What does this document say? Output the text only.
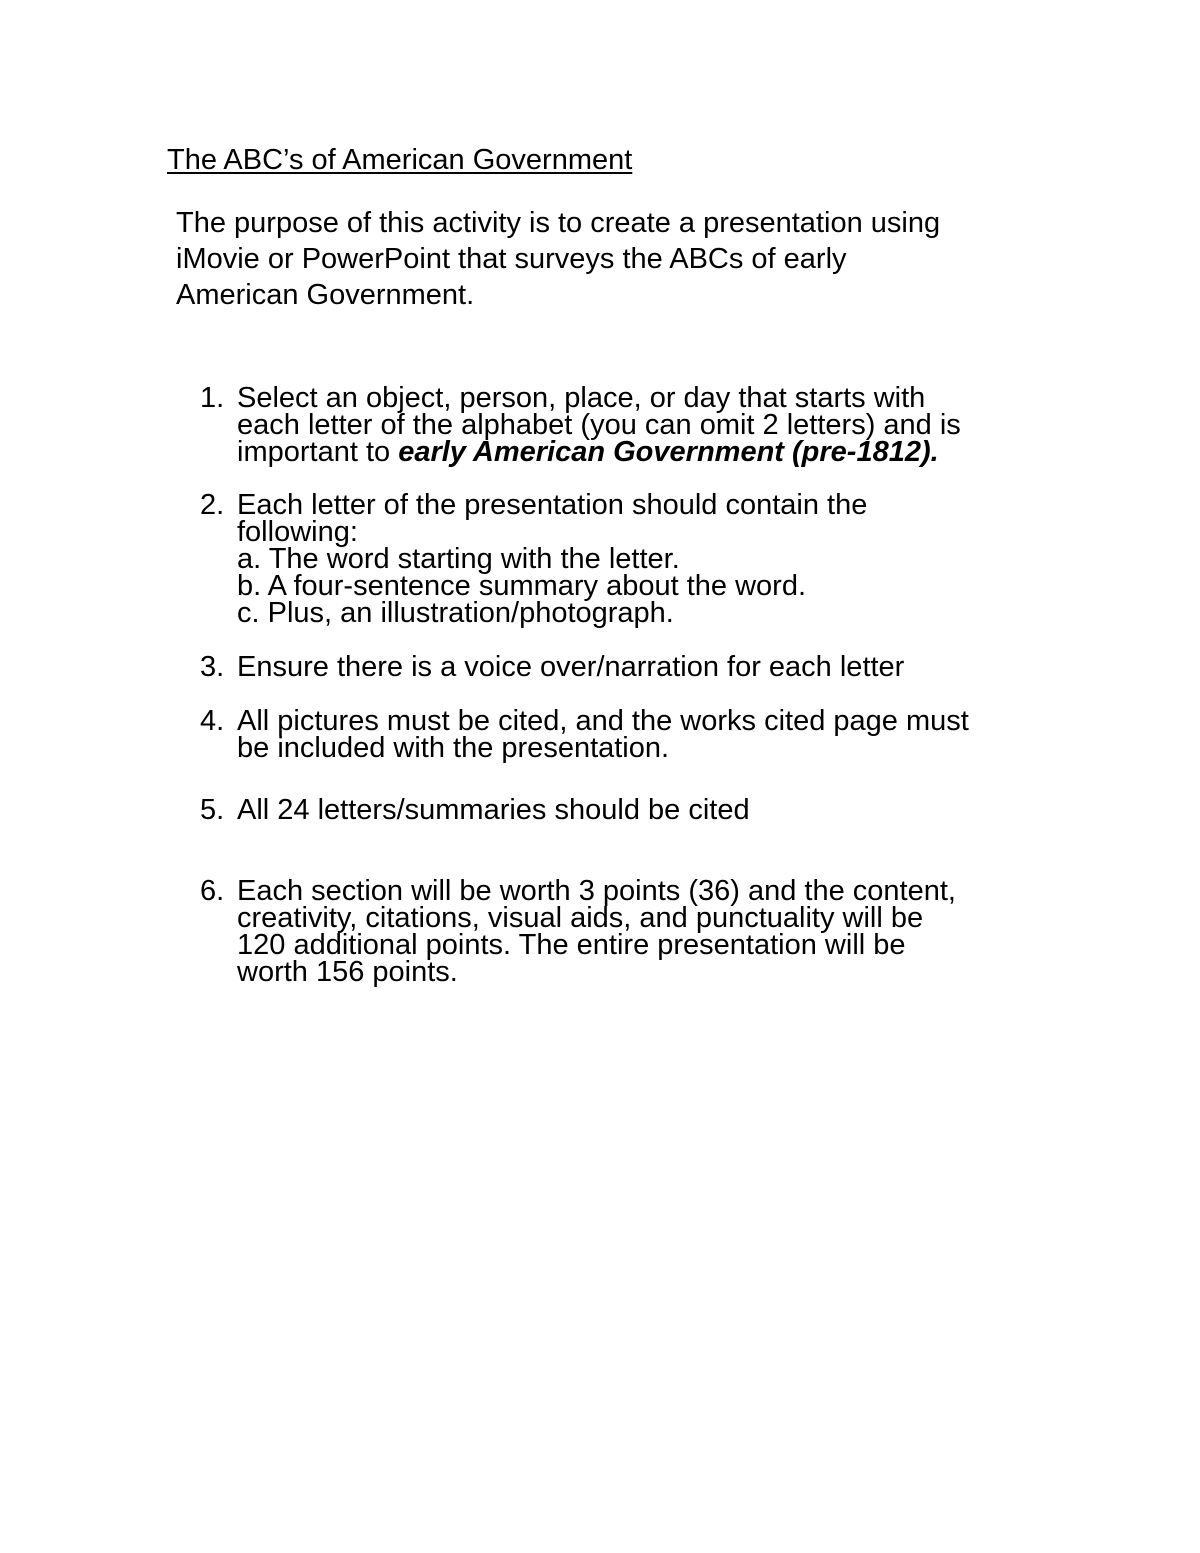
The ABC’s of American Government

The purpose of this activity is to create a presentation using
iMovie or PowerPoint that surveys the ABCs of early
American Government.

1. Select an object, person, place, or day that starts with
each letter of the alphabet (you can omit 2 letters) and is
important to early American Government (pre-1812).
2. Each letter of the presentation should contain the
following:
a. The word starting with the letter.
b. A four-sentence summary about the word.
c. Plus, an illustration/photograph.
3. Ensure there is a voice over/narration for each letter
4. All pictures must be cited, and the works cited page must
be included with the presentation.
5. All 24 letters/summaries should be cited
6. Each section will be worth 3 points (36) and the content,
creativity, citations, visual aids, and punctuality will be
120 additional points. The entire presentation will be
worth 156 points.
